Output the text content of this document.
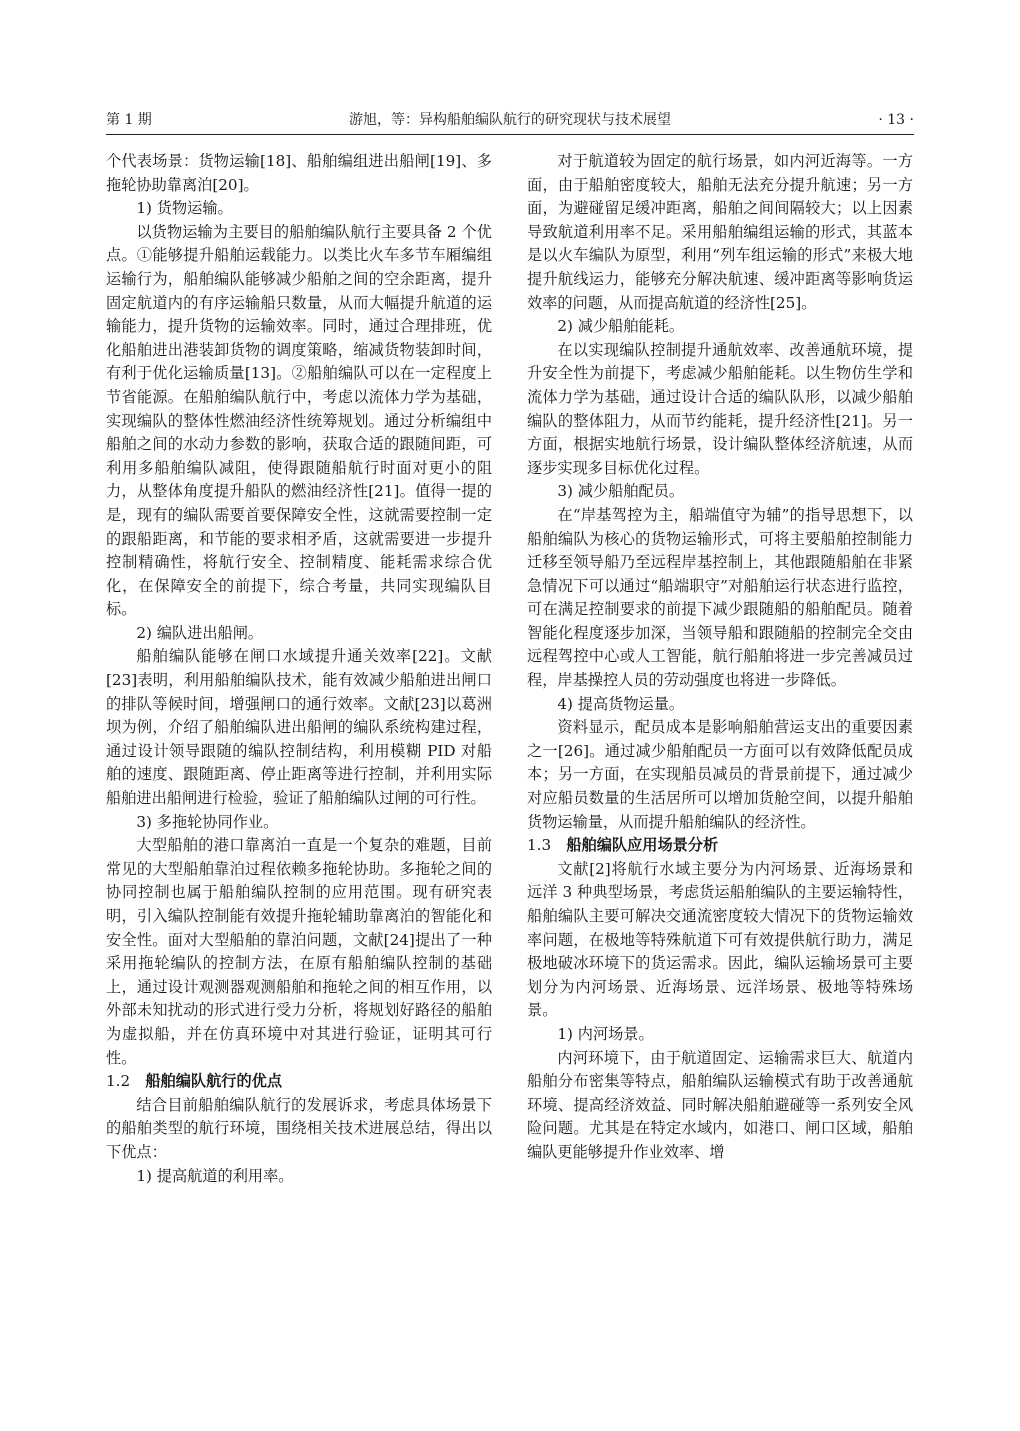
第 1 期	游旭，等：异构船舶编队航行的研究现状与技术展望	· 13 ·

个代表场景：货物运输[18]、船舶编组进出船闸[19]、多拖轮协助靠离泊[20]。

1) 货物运输。

以货物运输为主要目的船舶编队航行主要具备 2 个优点。①能够提升船舶运载能力。以类比火车多节车厢编组运输行为，船舶编队能够减少船舶之间的空余距离，提升固定航道内的有序运输船只数量，从而大幅提升航道的运输能力，提升货物的运输效率。同时，通过合理排班，优化船舶进出港装卸货物的调度策略，缩减货物装卸时间，有利于优化运输质量[13]。②船舶编队可以在一定程度上节省能源。在船舶编队航行中，考虑以流体力学为基础，实现编队的整体性燃油经济性统筹规划。通过分析编组中船舶之间的水动力参数的影响，获取合适的跟随间距，可利用多船舶编队减阻，使得跟随船航行时面对更小的阻力，从整体角度提升船队的燃油经济性[21]。值得一提的是，现有的编队需要首要保障安全性，这就需要控制一定的跟船距离，和节能的要求相矛盾，这就需要进一步提升控制精确性，将航行安全、控制精度、能耗需求综合优化，在保障安全的前提下，综合考量，共同实现编队目标。

2) 编队进出船闸。

船舶编队能够在闸口水域提升通关效率[22]。文献[23]表明，利用船舶编队技术，能有效减少船舶进出闸口的排队等候时间，增强闸口的通行效率。文献[23]以葛洲坝为例，介绍了船舶编队进出船闸的编队系统构建过程，通过设计领导跟随的编队控制结构，利用模糊 PID 对船舶的速度、跟随距离、停止距离等进行控制，并利用实际船舶进出船闸进行检验，验证了船舶编队过闸的可行性。

3) 多拖轮协同作业。

大型船舶的港口靠离泊一直是一个复杂的难题，目前常见的大型船舶靠泊过程依赖多拖轮协助。多拖轮之间的协同控制也属于船舶编队控制的应用范围。现有研究表明，引入编队控制能有效提升拖轮辅助靠离泊的智能化和安全性。面对大型船舶的靠泊问题，文献[24]提出了一种采用拖轮编队的控制方法，在原有船舶编队控制的基础上，通过设计观测器观测船舶和拖轮之间的相互作用，以外部未知扰动的形式进行受力分析，将规划好路径的船舶为虚拟船，并在仿真环境中对其进行验证，证明其可行性。

1.2 船舶编队航行的优点

结合目前船舶编队航行的发展诉求，考虑具体场景下的船舶类型的航行环境，围绕相关技术进展总结，得出以下优点：

1) 提高航道的利用率。

对于航道较为固定的航行场景，如内河近海等。一方面，由于船舶密度较大，船舶无法充分提升航速；另一方面，为避碰留足缓冲距离，船舶之间间隔较大；以上因素导致航道利用率不足。采用船舶编组运输的形式，其蓝本是以火车编队为原型，利用“列车组运输的形式”来极大地提升航线运力，能够充分解决航速、缓冲距离等影响货运效率的问题，从而提高航道的经济性[25]。

2) 减少船舶能耗。

在以实现编队控制提升通航效率、改善通航环境，提升安全性为前提下，考虑减少船舶能耗。以生物仿生学和流体力学为基础，通过设计合适的编队队形，以减少船舶编队的整体阻力，从而节约能耗，提升经济性[21]。另一方面，根据实地航行场景，设计编队整体经济航速，从而逐步实现多目标优化过程。

3) 减少船舶配员。

在“岸基驾控为主，船端值守为辅”的指导思想下，以船舶编队为核心的货物运输形式，可将主要船舶控制能力迁移至领导船乃至远程岸基控制上，其他跟随船舶在非紧急情况下可以通过“船端职守”对船舶运行状态进行监控，可在满足控制要求的前提下减少跟随船的船舶配员。随着智能化程度逐步加深，当领导船和跟随船的控制完全交由远程驾控中心或人工智能，航行船舶将进一步完善减员过程，岸基操控人员的劳动强度也将进一步降低。

4) 提高货物运量。

资料显示，配员成本是影响船舶营运支出的重要因素之一[26]。通过减少船舶配员一方面可以有效降低配员成本；另一方面，在实现船员减员的背景前提下，通过减少对应船员数量的生活居所可以增加货舱空间，以提升船舶货物运输量，从而提升船舶编队的经济性。

1.3 船舶编队应用场景分析

文献[2]将航行水域主要分为内河场景、近海场景和远洋 3 种典型场景，考虑货运船舶编队的主要运输特性，船舶编队主要可解决交通流密度较大情况下的货物运输效率问题，在极地等特殊航道下可有效提供航行助力，满足极地破冰环境下的货运需求。因此，编队运输场景可主要划分为内河场景、近海场景、远洋场景、极地等特殊场景。

1) 内河场景。

内河环境下，由于航道固定、运输需求巨大、航道内船舶分布密集等特点，船舶编队运输模式有助于改善通航环境、提高经济效益、同时解决船舶避碰等一系列安全风险问题。尤其是在特定水域内，如港口、闸口区域，船舶编队更能够提升作业效率、增
